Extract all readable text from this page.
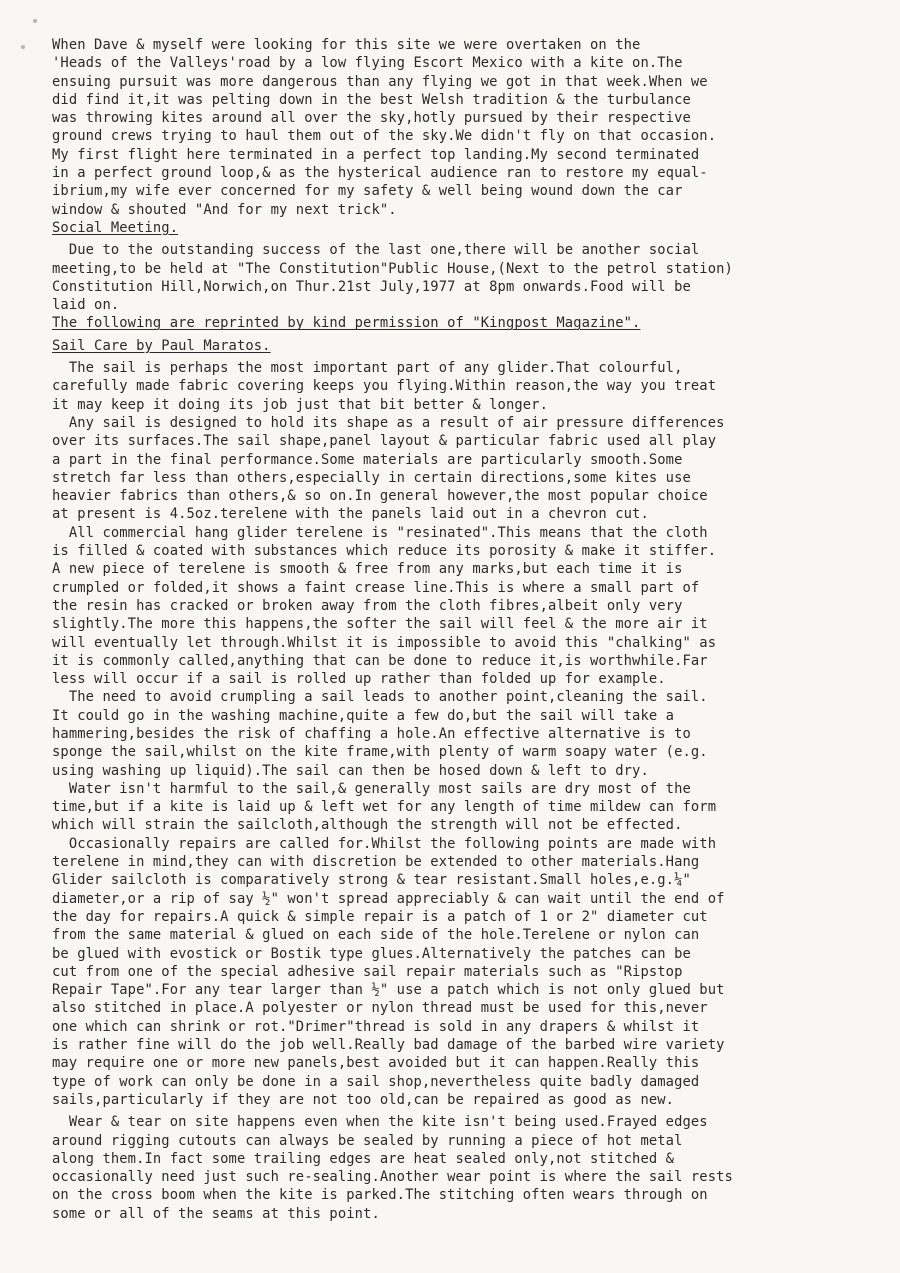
When Dave & myself were looking for this site we were overtaken on the
'Heads of the Valleys'road by a low flying Escort Mexico with a kite on.The
ensuing pursuit was more dangerous than any flying we got in that week.When we
did find it,it was pelting down in the best Welsh tradition & the turbulance
was throwing kites around all over the sky,hotly pursued by their respective
ground crews trying to haul them out of the sky.We didn't fly on that occasion.
My first flight here terminated in a perfect top landing.My second terminated
in a perfect ground loop,& as the hysterical audience ran to restore my equal-
ibrium,my wife ever concerned for my safety & well being wound down the car
window & shouted "And for my next trick".
Social Meeting.
Due to the outstanding success of the last one,there will be another social
meeting,to be held at "The Constitution"Public House,(Next to the petrol station)
Constitution Hill,Norwich,on Thur.21st July,1977 at 8pm onwards.Food will be
laid on.
The following are reprinted by kind permission of "Kingpost Magazine".
Sail Care by Paul Maratos.
The sail is perhaps the most important part of any glider.That colourful,
carefully made fabric covering keeps you flying.Within reason,the way you treat
it may keep it doing its job just that bit better & longer.
Any sail is designed to hold its shape as a result of air pressure differences
over its surfaces.The sail shape,panel layout & particular fabric used all play
a part in the final performance.Some materials are particularly smooth.Some
stretch far less than others,especially in certain directions,some kites use
heavier fabrics than others,& so on.In general however,the most popular choice
at present is 4.5oz.terelene with the panels laid out in a chevron cut.
All commercial hang glider terelene is "resinated".This means that the cloth
is filled & coated with substances which reduce its porosity & make it stiffer.
A new piece of terelene is smooth & free from any marks,but each time it is
crumpled or folded,it shows a faint crease line.This is where a small part of
the resin has cracked or broken away from the cloth fibres,albeit only very
slightly.The more this happens,the softer the sail will feel & the more air it
will eventually let through.Whilst it is impossible to avoid this "chalking" as
it is commonly called,anything that can be done to reduce it,is worthwhile.Far
less will occur if a sail is rolled up rather than folded up for example.
The need to avoid crumpling a sail leads to another point,cleaning the sail.
It could go in the washing machine,quite a few do,but the sail will take a
hammering,besides the risk of chaffing a hole.An effective alternative is to
sponge the sail,whilst on the kite frame,with plenty of warm soapy water (e.g.
using washing up liquid).The sail can then be hosed down & left to dry.
Water isn't harmful to the sail,& generally most sails are dry most of the
time,but if a kite is laid up & left wet for any length of time mildew can form
which will strain the sailcloth,although the strength will not be effected.
Occasionally repairs are called for.Whilst the following points are made with
terelene in mind,they can with discretion be extended to other materials.Hang
Glider sailcloth is comparatively strong & tear resistant.Small holes,e.g.¼"
diameter,or a rip of say ½" won't spread appreciably & can wait until the end of
the day for repairs.A quick & simple repair is a patch of 1 or 2" diameter cut
from the same material & glued on each side of the hole.Terelene or nylon can
be glued with evostick or Bostik type glues.Alternatively the patches can be
cut from one of the special adhesive sail repair materials such as "Ripstop
Repair Tape".For any tear larger than ½" use a patch which is not only glued but
also stitched in place.A polyester or nylon thread must be used for this,never
one which can shrink or rot."Drimer"thread is sold in any drapers & whilst it
is rather fine will do the job well.Really bad damage of the barbed wire variety
may require one or more new panels,best avoided but it can happen.Really this
type of work can only be done in a sail shop,nevertheless quite badly damaged
sails,particularly if they are not too old,can be repaired as good as new.
Wear & tear on site happens even when the kite isn't being used.Frayed edges
around rigging cutouts can always be sealed by running a piece of hot metal
along them.In fact some trailing edges are heat sealed only,not stitched &
occasionally need just such re-sealing.Another wear point is where the sail rests
on the cross boom when the kite is parked.The stitching often wears through on
some or all of the seams at this point.
